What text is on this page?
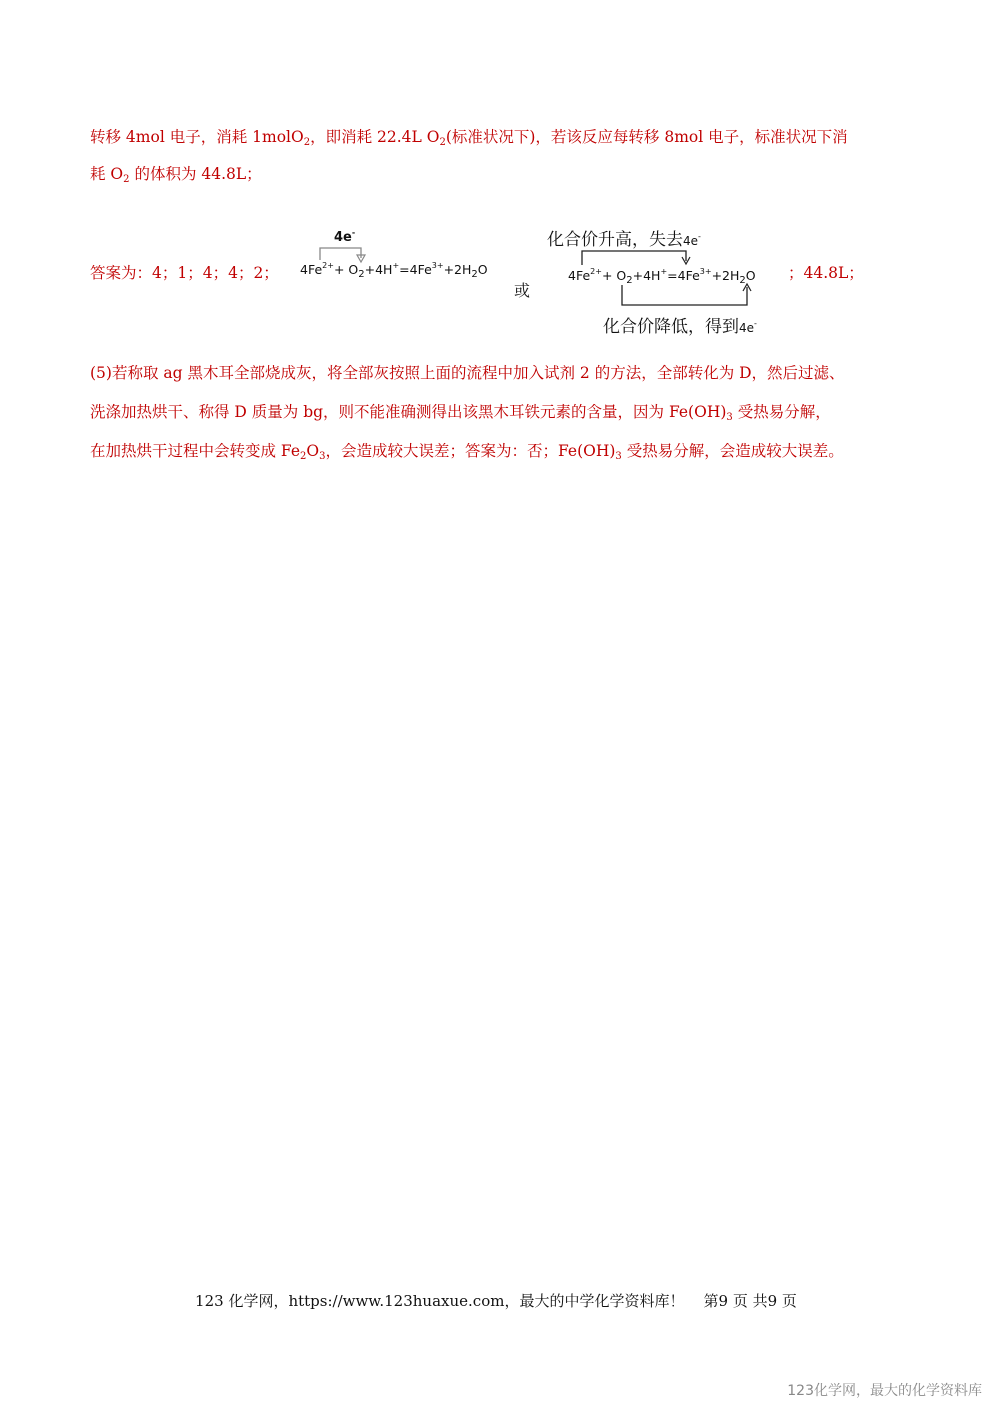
转移 4mol 电子，消耗 1molO$_2$，即消耗 22.4L $O_2$(标准状况下)，若该反应每转移 8mol 电子，标准状况下消
耗 $O_2$ 的体积为 44.8L；
答案为：4；1；4；4；2；
4e-
$4Fe^{2+}+ O_2+4H^+=4Fe^{3+}+2H_2O$
或
化合价升高，失去4e-
$4Fe^{2+}+ O_2+4H^+=4Fe^{3+}+2H_2O$
化合价降低，得到4e-
；44.8L；
(5)若称取 ag 黑木耳全部烧成灰，将全部灰按照上面的流程中加入试剂 2 的方法，全部转化为 D，然后过滤、
洗涤加热烘干、称得 D 质量为 bg，则不能准确测得出该黑木耳铁元素的含量，因为 $Fe(OH)_3$ 受热易分解，
在加热烘干过程中会转变成 $Fe_2O_3$，会造成较大误差；答案为：否；$Fe(OH)_3$ 受热易分解，会造成较大误差。
123 化学网，https://www.123huaxue.com，最大的中学化学资料库！ 第9 页 共9 页
123化学网，最大的化学资料库
